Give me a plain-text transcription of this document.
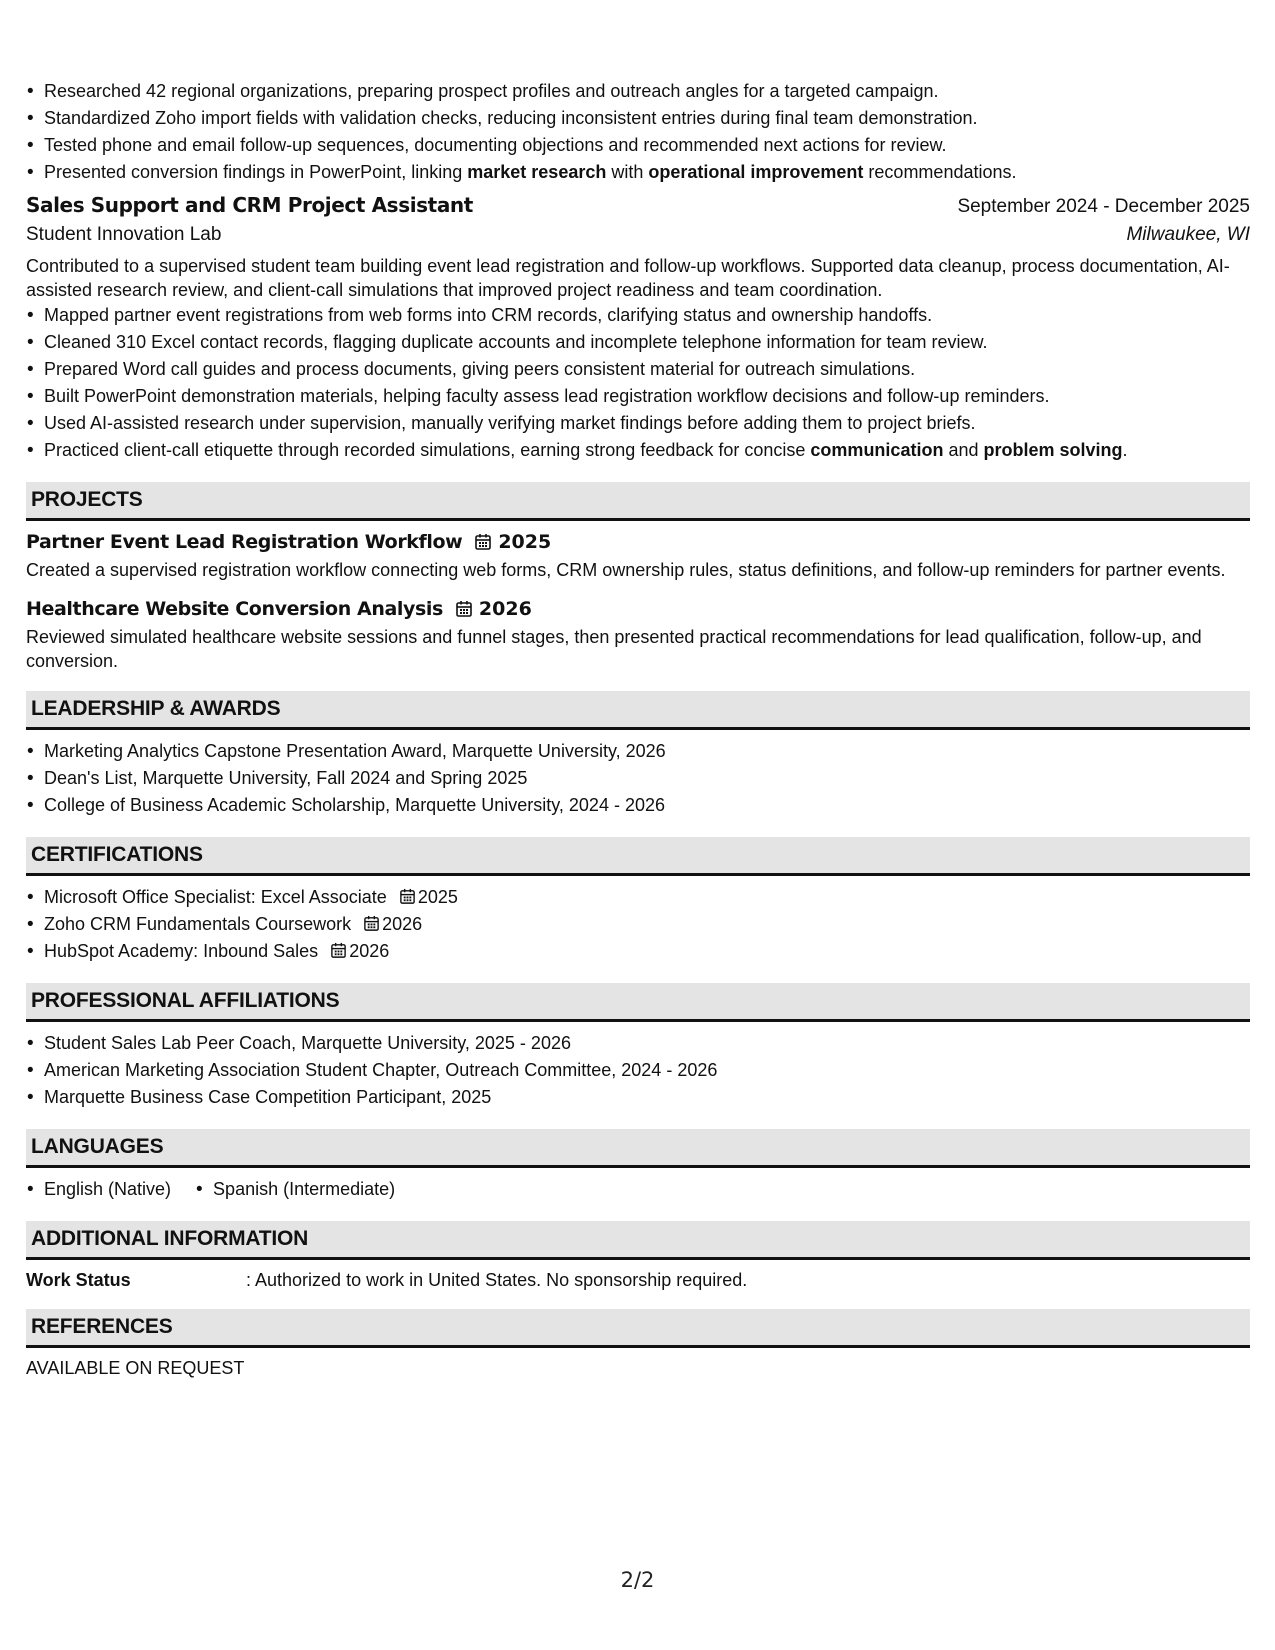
• Researched 42 regional organizations, preparing prospect profiles and outreach angles for a targeted campaign.
• Standardized Zoho import fields with validation checks, reducing inconsistent entries during final team demonstration.
• Tested phone and email follow-up sequences, documenting objections and recommended next actions for review.
• Presented conversion findings in PowerPoint, linking market research with operational improvement recommendations.
Sales Support and CRM Project Assistant	September 2024 - December 2025
Student Innovation Lab	Milwaukee, WI

Contributed to a supervised student team building event lead registration and follow-up workflows. Supported data cleanup, process documentation, AI-assisted research review, and client-call simulations that improved project readiness and team coordination.

• Mapped partner event registrations from web forms into CRM records, clarifying status and ownership handoffs.
• Cleaned 310 Excel contact records, flagging duplicate accounts and incomplete telephone information for team review.
• Prepared Word call guides and process documents, giving peers consistent material for outreach simulations.
• Built PowerPoint demonstration materials, helping faculty assess lead registration workflow decisions and follow-up reminders.
• Used AI-assisted research under supervision, manually verifying market findings before adding them to project briefs.
• Practiced client-call etiquette through recorded simulations, earning strong feedback for concise communication and problem solving.
PROJECTS
Partner Event Lead Registration Workflow 2025

Created a supervised registration workflow connecting web forms, CRM ownership rules, status definitions, and follow-up reminders for partner events.

Healthcare Website Conversion Analysis 2026

Reviewed simulated healthcare website sessions and funnel stages, then presented practical recommendations for lead qualification, follow-up, and conversion.

LEADERSHIP & AWARDS
• Marketing Analytics Capstone Presentation Award, Marquette University, 2026
• Dean's List, Marquette University, Fall 2024 and Spring 2025
• College of Business Academic Scholarship, Marquette University, 2024 - 2026
CERTIFICATIONS
• Microsoft Office Specialist: Excel Associate 2025
• Zoho CRM Fundamentals Coursework 2026
• HubSpot Academy: Inbound Sales 2026
PROFESSIONAL AFFILIATIONS
• Student Sales Lab Peer Coach, Marquette University, 2025 - 2026
• American Marketing Association Student Chapter, Outreach Committee, 2024 - 2026
• Marquette Business Case Competition Participant, 2025
LANGUAGES
• English (Native)
•	Spanish (Intermediate)
ADDITIONAL INFORMATION
Work Status	: Authorized to work in United States. No sponsorship required.
REFERENCES

AVAILABLE ON REQUEST

2/2
